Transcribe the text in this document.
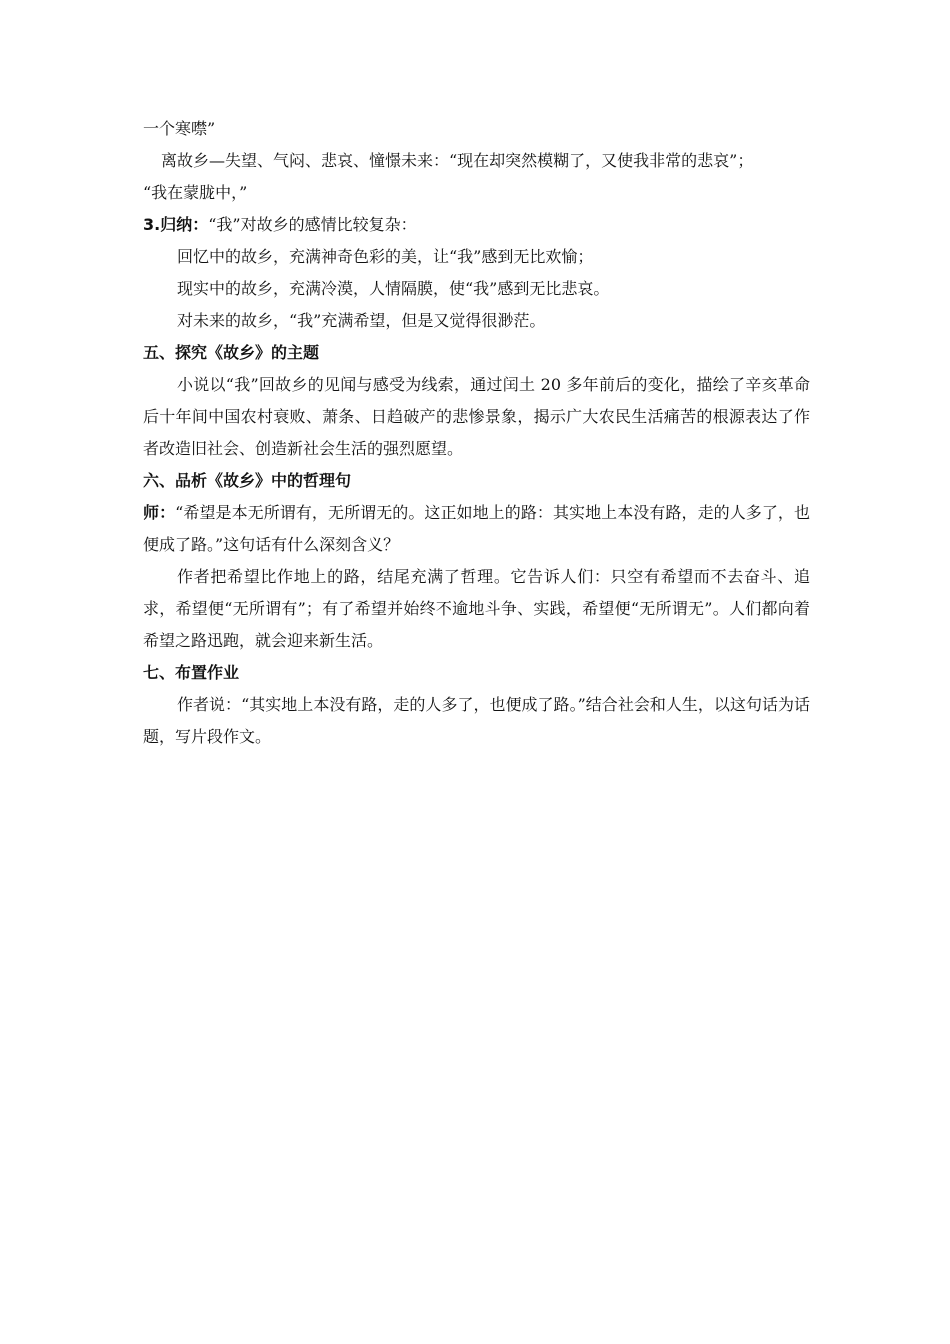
一个寒噤”
离故乡—失望、气闷、悲哀、憧憬未来：“现在却突然模糊了，又使我非常的悲哀”；
“我在蒙胧中，”
3.归纳：“我”对故乡的感情比较复杂：
回忆中的故乡，充满神奇色彩的美，让“我”感到无比欢愉；
现实中的故乡，充满冷漠，人情隔膜，使“我”感到无比悲哀。
对未来的故乡，“我”充满希望，但是又觉得很渺茫。
五、探究《故乡》的主题
小说以“我”回故乡的见闻与感受为线索，通过闰土 20 多年前后的变化，描绘了辛亥革命后十年间中国农村衰败、萧条、日趋破产的悲惨景象，揭示广大农民生活痛苦的根源表达了作者改造旧社会、创造新社会生活的强烈愿望。
六、品析《故乡》中的哲理句
师：“希望是本无所谓有，无所谓无的。这正如地上的路：其实地上本没有路，走的人多了，也便成了路。”这句话有什么深刻含义？
作者把希望比作地上的路，结尾充满了哲理。它告诉人们：只空有希望而不去奋斗、追求，希望便“无所谓有”；有了希望并始终不逾地斗争、实践，希望便“无所谓无”。人们都向着希望之路迅跑，就会迎来新生活。
七、布置作业
作者说：“其实地上本没有路，走的人多了，也便成了路。”结合社会和人生，以这句话为话题，写片段作文。
